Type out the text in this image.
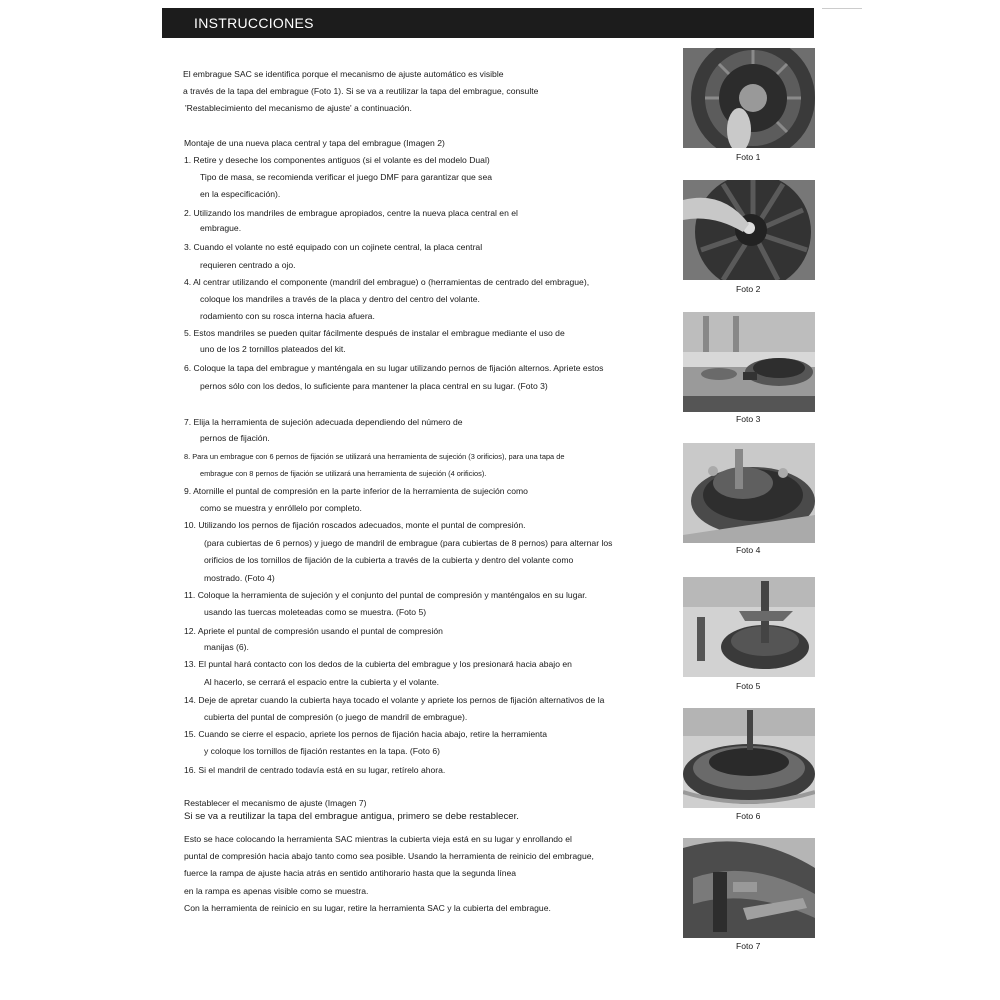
INSTRUCCIONES
El embrague SAC se identifica porque el mecanismo de ajuste automático es visible
a través de la tapa del embrague (Foto 1). Si se va a reutilizar la tapa del embrague, consulte
'Restablecimiento del mecanismo de ajuste' a continuación.
Montaje de una nueva placa central y tapa del embrague (Imagen 2)
1. Retire y deseche los componentes antiguos (si el volante es del modelo Dual)
Tipo de masa, se recomienda verificar el juego DMF para garantizar que sea
en la especificación).
2. Utilizando los mandriles de embrague apropiados, centre la nueva placa central en el
embrague.
3. Cuando el volante no esté equipado con un cojinete central, la placa central
requieren centrado a ojo.
4. Al centrar utilizando el componente (mandril del embrague) o (herramientas de centrado del embrague),
coloque los mandriles a través de la placa y dentro del centro del volante.
rodamiento con su rosca interna hacia afuera.
5. Estos mandriles se pueden quitar fácilmente después de instalar el embrague mediante el uso de
uno de los 2 tornillos plateados del kit.
6. Coloque la tapa del embrague y manténgala en su lugar utilizando pernos de fijación alternos. Apriete estos
pernos sólo con los dedos, lo suficiente para mantener la placa central en su lugar. (Foto 3)
7. Elija la herramienta de sujeción adecuada dependiendo del número de
pernos de fijación.
8. Para un embrague con 6 pernos de fijación se utilizará una herramienta de sujeción (3 orificios), para una tapa de
embrague con 8 pernos de fijación se utilizará una herramienta de sujeción (4 orificios).
9. Atornille el puntal de compresión en la parte inferior de la herramienta de sujeción como
como se muestra y enróllelo por completo.
10. Utilizando los pernos de fijación roscados adecuados, monte el puntal de compresión.
(para cubiertas de 6 pernos) y juego de mandril de embrague (para cubiertas de 8 pernos) para alternar los
orificios de los tornillos de fijación de la cubierta a través de la cubierta y dentro del volante como
mostrado. (Foto 4)
11. Coloque la herramienta de sujeción y el conjunto del puntal de compresión y manténgalos en su lugar.
usando las tuercas moleteadas como se muestra. (Foto 5)
12. Apriete el puntal de compresión usando el puntal de compresión
manijas (6).
13. El puntal hará contacto con los dedos de la cubierta del embrague y los presionará hacia abajo en
Al hacerlo, se cerrará el espacio entre la cubierta y el volante.
14. Deje de apretar cuando la cubierta haya tocado el volante y apriete los pernos de fijación alternativos de la
cubierta del puntal de compresión (o juego de mandril de embrague).
15. Cuando se cierre el espacio, apriete los pernos de fijación hacia abajo, retire la herramienta
y coloque los tornillos de fijación restantes en la tapa. (Foto 6)
16. Si el mandril de centrado todavía está en su lugar, retírelo ahora.
Restablecer el mecanismo de ajuste (Imagen 7)
Si se va a reutilizar la tapa del embrague antigua, primero se debe restablecer.
Esto se hace colocando la herramienta SAC mientras la cubierta vieja está en su lugar y enrollando el
puntal de compresión hacia abajo tanto como sea posible. Usando la herramienta de reinicio del embrague,
fuerce la rampa de ajuste hacia atrás en sentido antihorario hasta que la segunda línea
en la rampa es apenas visible como se muestra.
Con la herramienta de reinicio en su lugar, retire la herramienta SAC y la cubierta del embrague.
Foto 1
Foto 2
Foto 3
Foto 4
Foto 5
Foto 6
Foto 7
